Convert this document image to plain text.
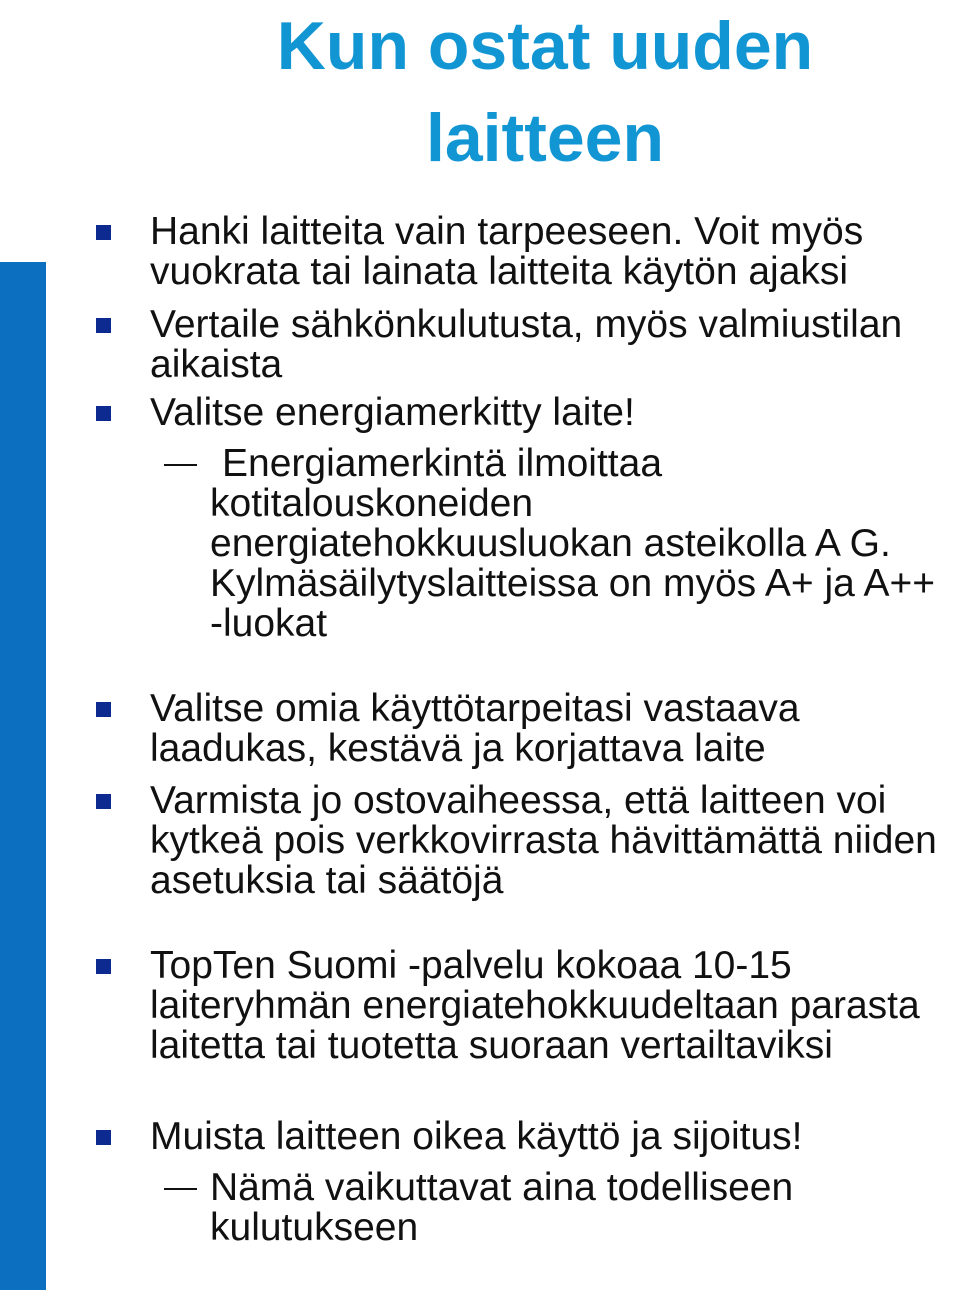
Kun ostat uuden
laitteen
Hanki laitteita vain tarpeeseen. Voit myös vuokrata tai lainata laitteita käytön ajaksi
Vertaile sähkönkulutusta, myös valmiustilan aikaista
Valitse energiamerkitty laite!
Energiamerkintä ilmoittaa kotitalouskoneiden energiatehokkuusluokan asteikolla A G. Kylmäsäilytyslaitteissa on myös A+ ja A++ -luokat
Valitse omia käyttötarpeitasi vastaava laadukas, kestävä ja korjattava laite
Varmista jo ostovaiheessa, että laitteen voi kytkeä pois verkkovirrasta hävittämättä niiden asetuksia tai säätöjä
TopTen Suomi -palvelu kokoaa 10-15 laiteryhmän energiatehokkuudeltaan parasta laitetta tai tuotetta suoraan vertailtaviksi
Muista laitteen oikea käyttö ja sijoitus!
Nämä vaikuttavat aina todelliseen kulutukseen
